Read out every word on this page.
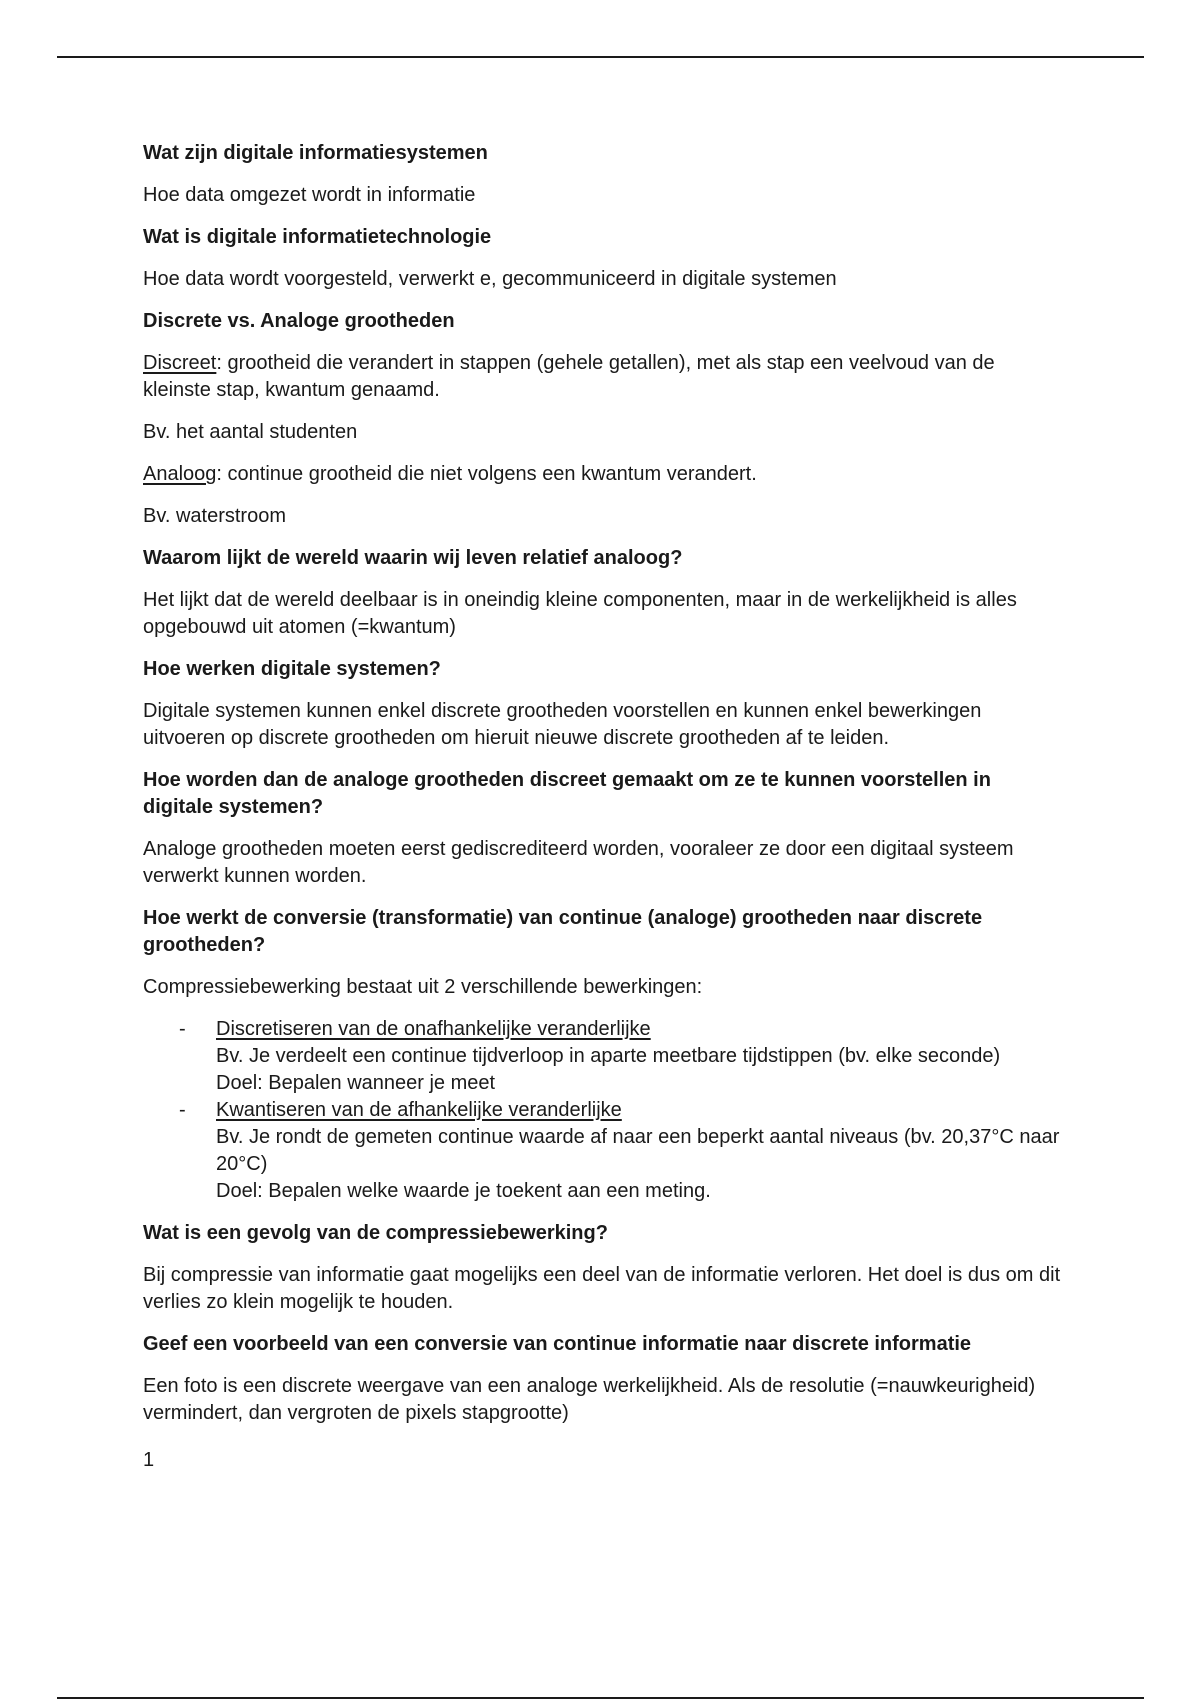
Wat zijn digitale informatiesystemen
Hoe data omgezet wordt in informatie
Wat is digitale informatietechnologie
Hoe data wordt voorgesteld, verwerkt e, gecommuniceerd in digitale systemen
Discrete vs. Analoge grootheden
Discreet: grootheid die verandert in stappen (gehele getallen), met als stap een veelvoud van de kleinste stap, kwantum genaamd.
Bv. het aantal studenten
Analoog: continue grootheid die niet volgens een kwantum verandert.
Bv. waterstroom
Waarom lijkt de wereld waarin wij leven relatief analoog?
Het lijkt dat de wereld deelbaar is in oneindig kleine componenten, maar in de werkelijkheid is alles opgebouwd uit atomen (=kwantum)
Hoe werken digitale systemen?
Digitale systemen kunnen enkel discrete grootheden voorstellen en kunnen enkel bewerkingen uitvoeren op discrete grootheden om hieruit nieuwe discrete grootheden af te leiden.
Hoe worden dan de analoge grootheden discreet gemaakt om ze te kunnen voorstellen in digitale systemen?
Analoge grootheden moeten eerst gediscrediteerd worden, vooraleer ze door een digitaal systeem verwerkt kunnen worden.
Hoe werkt de conversie (transformatie) van continue (analoge) grootheden naar discrete grootheden?
Compressiebewerking bestaat uit 2 verschillende bewerkingen:
- Discretiseren van de onafhankelijke veranderlijke
Bv. Je verdeelt een continue tijdverloop in aparte meetbare tijdstippen (bv. elke seconde)
Doel: Bepalen wanneer je meet
- Kwantiseren van de afhankelijke veranderlijke
Bv. Je rondt de gemeten continue waarde af naar een beperkt aantal niveaus (bv. 20,37°C naar 20°C)
Doel: Bepalen welke waarde je toekent aan een meting.
Wat is een gevolg van de compressiebewerking?
Bij compressie van informatie gaat mogelijks een deel van de informatie verloren. Het doel is dus om dit verlies zo klein mogelijk te houden.
Geef een voorbeeld van een conversie van continue informatie naar discrete informatie
Een foto is een discrete weergave van een analoge werkelijkheid. Als de resolutie (=nauwkeurigheid) vermindert, dan vergroten de pixels stapgrootte)
1
